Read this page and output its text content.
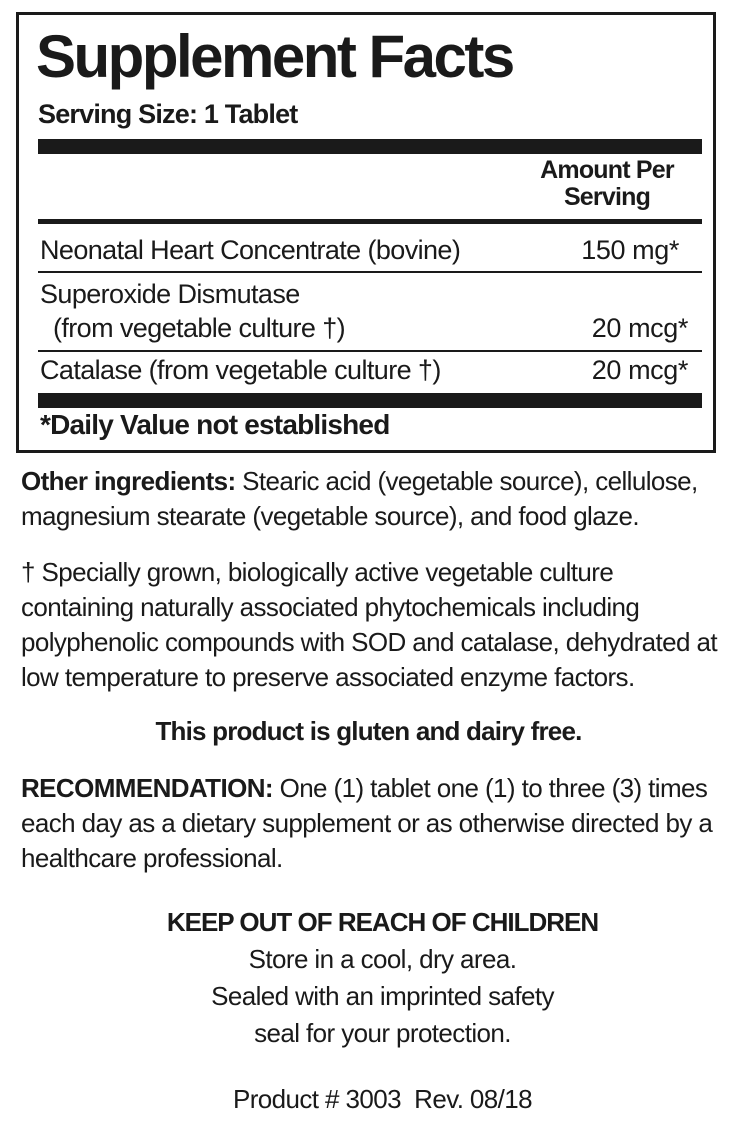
Supplement Facts
Serving Size: 1 Tablet
Amount Per
Serving
Neonatal Heart Concentrate (bovine)	150 mg*
Superoxide Dismutase
(from vegetable culture †)	20 mcg*
Catalase (from vegetable culture †)	20 mcg*
*Daily Value not established
Other ingredients: Stearic acid (vegetable source), cellulose, magnesium stearate (vegetable source), and food glaze.
† Specially grown, biologically active vegetable culture containing naturally associated phytochemicals including polyphenolic compounds with SOD and catalase, dehydrated at low temperature to preserve associated enzyme factors.
This product is gluten and dairy free.
RECOMMENDATION: One (1) tablet one (1) to three (3) times each day as a dietary supplement or as otherwise directed by a healthcare professional.
KEEP OUT OF REACH OF CHILDREN
Store in a cool, dry area.
Sealed with an imprinted safety
seal for your protection.
Product # 3003  Rev. 08/18
